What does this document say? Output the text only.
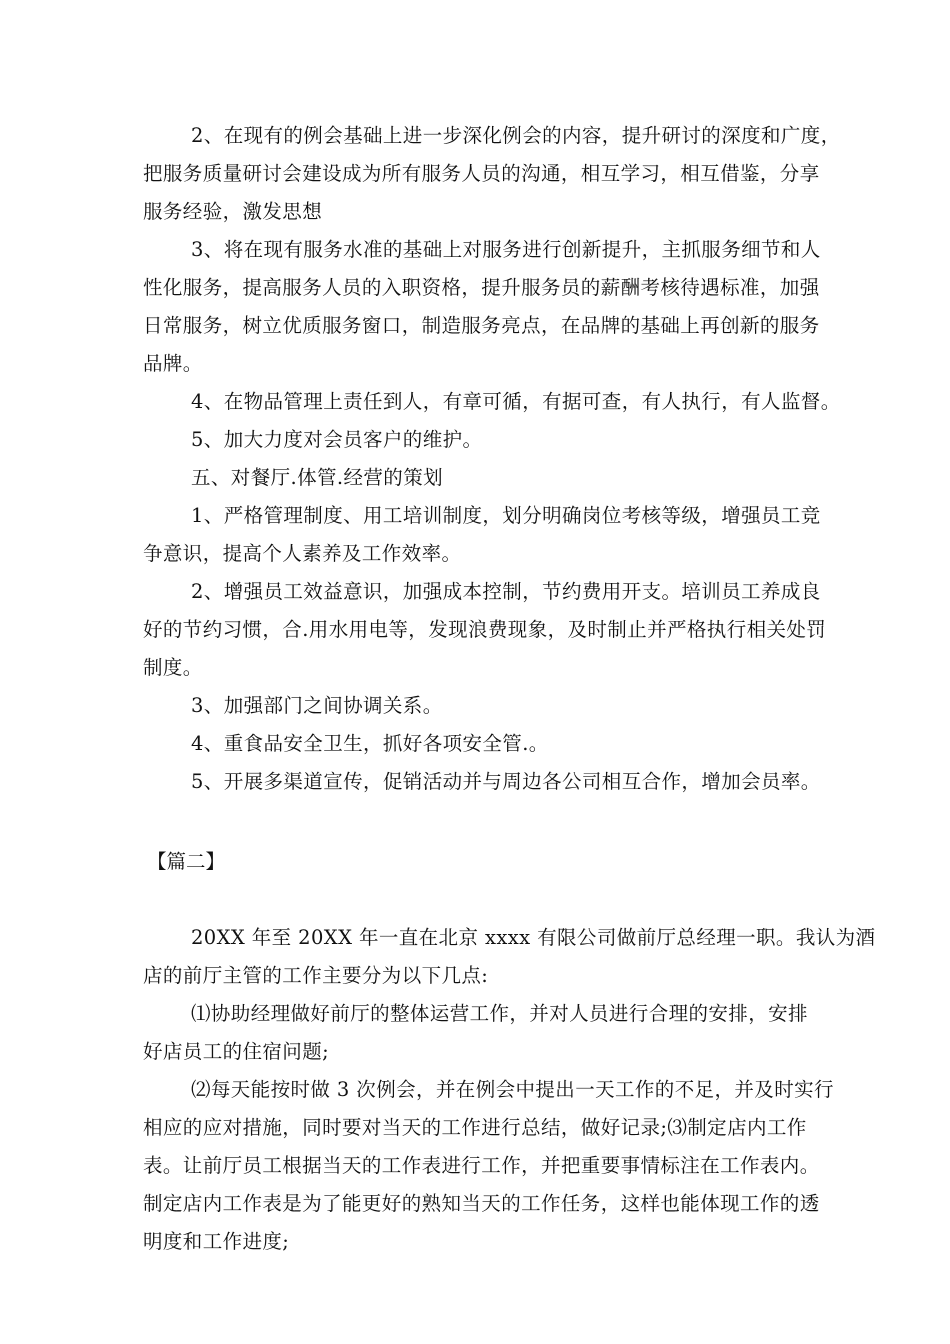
2、在现有的例会基础上进一步深化例会的内容，提升研讨的深度和广度，
把服务质量研讨会建设成为所有服务人员的沟通，相互学习，相互借鉴，分享
服务经验，激发思想
3、将在现有服务水准的基础上对服务进行创新提升，主抓服务细节和人
性化服务，提高服务人员的入职资格，提升服务员的薪酬考核待遇标准，加强
日常服务，树立优质服务窗口，制造服务亮点，在品牌的基础上再创新的服务
品牌。
4、在物品管理上责任到人，有章可循，有据可查，有人执行，有人监督。
5、加大力度对会员客户的维护。
五、对餐厅.体管.经营的策划
1、严格管理制度、用工培训制度，划分明确岗位考核等级，增强员工竞
争意识，提高个人素养及工作效率。
2、增强员工效益意识，加强成本控制，节约费用开支。培训员工养成良
好的节约习惯，合.用水用电等，发现浪费现象，及时制止并严格执行相关处罚
制度。
3、加强部门之间协调关系。
4、重食品安全卫生，抓好各项安全管.。
5、开展多渠道宣传，促销活动并与周边各公司相互合作，增加会员率。
【篇二】
20XX 年至 20XX 年一直在北京 xxxx 有限公司做前厅总经理一职。我认为酒
店的前厅主管的工作主要分为以下几点:
⑴协助经理做好前厅的整体运营工作，并对人员进行合理的安排，安排
好店员工的住宿问题;
⑵每天能按时做 3 次例会，并在例会中提出一天工作的不足，并及时实行
相应的应对措施，同时要对当天的工作进行总结，做好记录;⑶制定店内工作
表。让前厅员工根据当天的工作表进行工作，并把重要事情标注在工作表内。
制定店内工作表是为了能更好的熟知当天的工作任务，这样也能体现工作的透
明度和工作进度;
